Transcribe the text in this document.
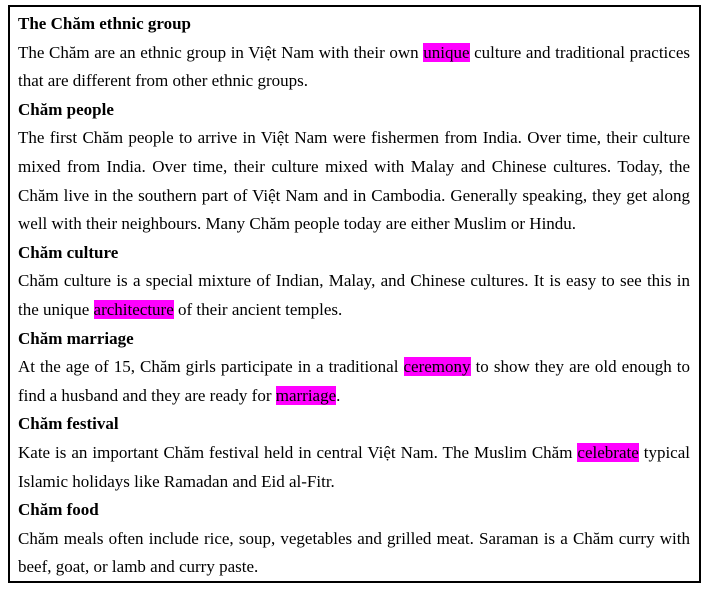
The Chăm ethnic group

The Chăm are an ethnic group in Việt Nam with their own unique culture and traditional practices that are different from other ethnic groups.

Chăm people

The first Chăm people to arrive in Việt Nam were fishermen from India. Over time, their culture mixed from India. Over time, their culture mixed with Malay and Chinese cultures. Today, the Chăm live in the southern part of Việt Nam and in Cambodia. Generally speaking, they get along well with their neighbours. Many Chăm people today are either Muslim or Hindu.

Chăm culture

Chăm culture is a special mixture of Indian, Malay, and Chinese cultures. It is easy to see this in the unique architecture of their ancient temples.

Chăm marriage

At the age of 15, Chăm girls participate in a traditional ceremony to show they are old enough to find a husband and they are ready for marriage.

Chăm festival

Kate is an important Chăm festival held in central Việt Nam. The Muslim Chăm celebrate typical Islamic holidays like Ramadan and Eid al-Fitr.

Chăm food

Chăm meals often include rice, soup, vegetables and grilled meat. Saraman is a Chăm curry with beef, goat, or lamb and curry paste.
